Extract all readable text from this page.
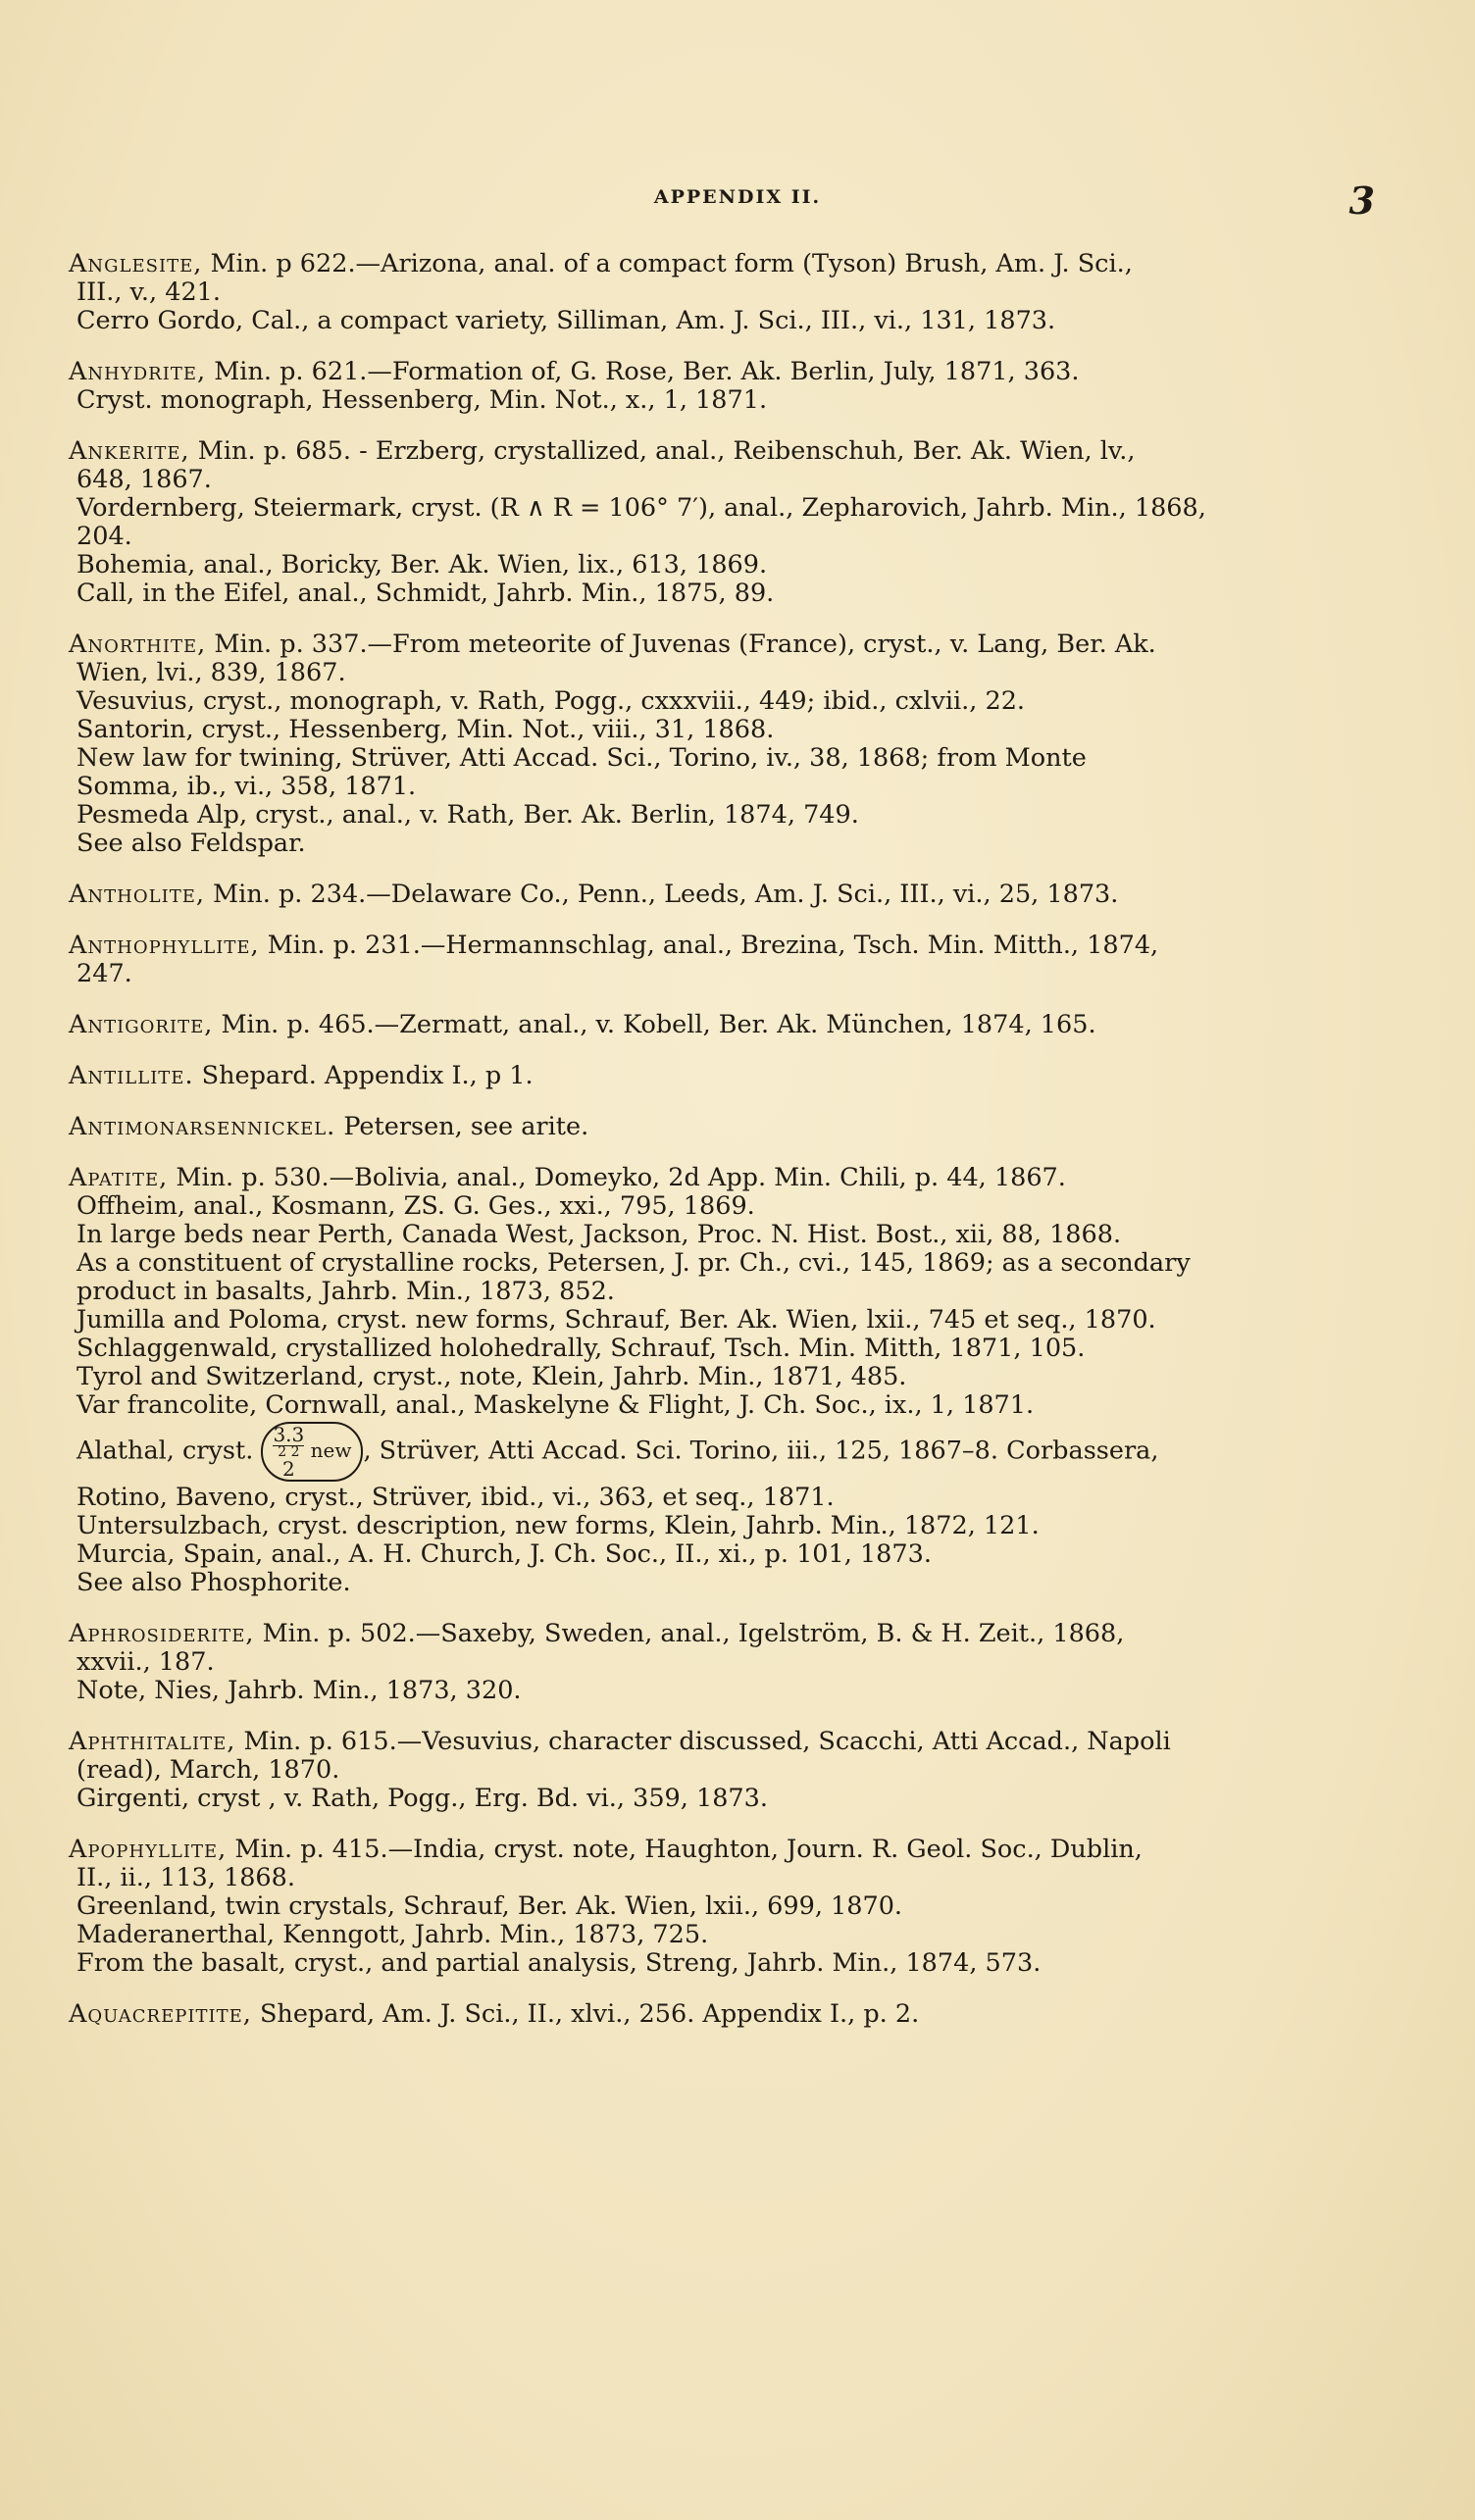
APPENDIX II.	3
Anglesite, Min. p 622.—Arizona, anal. of a compact form (Tyson) Brush, Am. J. Sci.,
III., v., 421.
Cerro Gordo, Cal., a compact variety, Silliman, Am. J. Sci., III., vi., 131, 1873.
Anhydrite, Min. p. 621.—Formation of, G. Rose, Ber. Ak. Berlin, July, 1871, 363.
Cryst. monograph, Hessenberg, Min. Not., x., 1, 1871.
Ankerite, Min. p. 685. - Erzberg, crystallized, anal., Reibenschuh, Ber. Ak. Wien, lv.,
648, 1867.
Vordernberg, Steiermark, cryst. (R ∧ R = 106° 7′), anal., Zepharovich, Jahrb. Min., 1868,
204.
Bohemia, anal., Boricky, Ber. Ak. Wien, lix., 613, 1869.
Call, in the Eifel, anal., Schmidt, Jahrb. Min., 1875, 89.
Anorthite, Min. p. 337.—From meteorite of Juvenas (France), cryst., v. Lang, Ber. Ak.
Wien, lvi., 839, 1867.
Vesuvius, cryst., monograph, v. Rath, Pogg., cxxxviii., 449; ibid., cxlvii., 22.
Santorin, cryst., Hessenberg, Min. Not., viii., 31, 1868.
New law for twining, Strüver, Atti Accad. Sci., Torino, iv., 38, 1868; from Monte
Somma, ib., vi., 358, 1871.
Pesmeda Alp, cryst., anal., v. Rath, Ber. Ak. Berlin, 1874, 749.
See also Feldspar.
Antholite, Min. p. 234.—Delaware Co., Penn., Leeds, Am. J. Sci., III., vi., 25, 1873.
Anthophyllite, Min. p. 231.—Hermannschlag, anal., Brezina, Tsch. Min. Mitth., 1874,
247.
Antigorite, Min. p. 465.—Zermatt, anal., v. Kobell, Ber. Ak. München, 1874, 165.
Antillite. Shepard. Appendix I., p 1.
Antimonarsennickel. Petersen, see arite.
Apatite, Min. p. 530.—Bolivia, anal., Domeyko, 2d App. Min. Chili, p. 44, 1867.
Offheim, anal., Kosmann, ZS. G. Ges., xxi., 795, 1869.
In large beds near Perth, Canada West, Jackson, Proc. N. Hist. Bost., xii, 88, 1868.
As a constituent of crystalline rocks, Petersen, J. pr. Ch., cvi., 145, 1869; as a secondary
product in basalts, Jahrb. Min., 1873, 852.
Jumilla and Poloma, cryst. new forms, Schrauf, Ber. Ak. Wien, lxii., 745 et seq., 1870.
Schlaggenwald, crystallized holohedrally, Schrauf, Tsch. Min. Mitth, 1871, 105.
Tyrol and Switzerland, cryst., note, Klein, Jahrb. Min., 1871, 485.
Var francolite, Cornwall, anal., Maskelyne & Flight, J. Ch. Soc., ix., 1, 1871.
Alathal, cryst.
3.3
2 2
2
new , Strüver, Atti Accad. Sci. Torino, iii., 125, 1867–8. Corbassera,
Rotino, Baveno, cryst., Strüver, ibid., vi., 363, et seq., 1871.
Untersulzbach, cryst. description, new forms, Klein, Jahrb. Min., 1872, 121.
Murcia, Spain, anal., A. H. Church, J. Ch. Soc., II., xi., p. 101, 1873.
See also Phosphorite.
Aphrosiderite, Min. p. 502.—Saxeby, Sweden, anal., Igelström, B. & H. Zeit., 1868,
xxvii., 187.
Note, Nies, Jahrb. Min., 1873, 320.
Aphthitalite, Min. p. 615.—Vesuvius, character discussed, Scacchi, Atti Accad., Napoli
(read), March, 1870.
Girgenti, cryst , v. Rath, Pogg., Erg. Bd. vi., 359, 1873.
Apophyllite, Min. p. 415.—India, cryst. note, Haughton, Journ. R. Geol. Soc., Dublin,
II., ii., 113, 1868.
Greenland, twin crystals, Schrauf, Ber. Ak. Wien, lxii., 699, 1870.
Maderanerthal, Kenngott, Jahrb. Min., 1873, 725.
From the basalt, cryst., and partial analysis, Streng, Jahrb. Min., 1874, 573.
Aquacrepitite, Shepard, Am. J. Sci., II., xlvi., 256. Appendix I., p. 2.
